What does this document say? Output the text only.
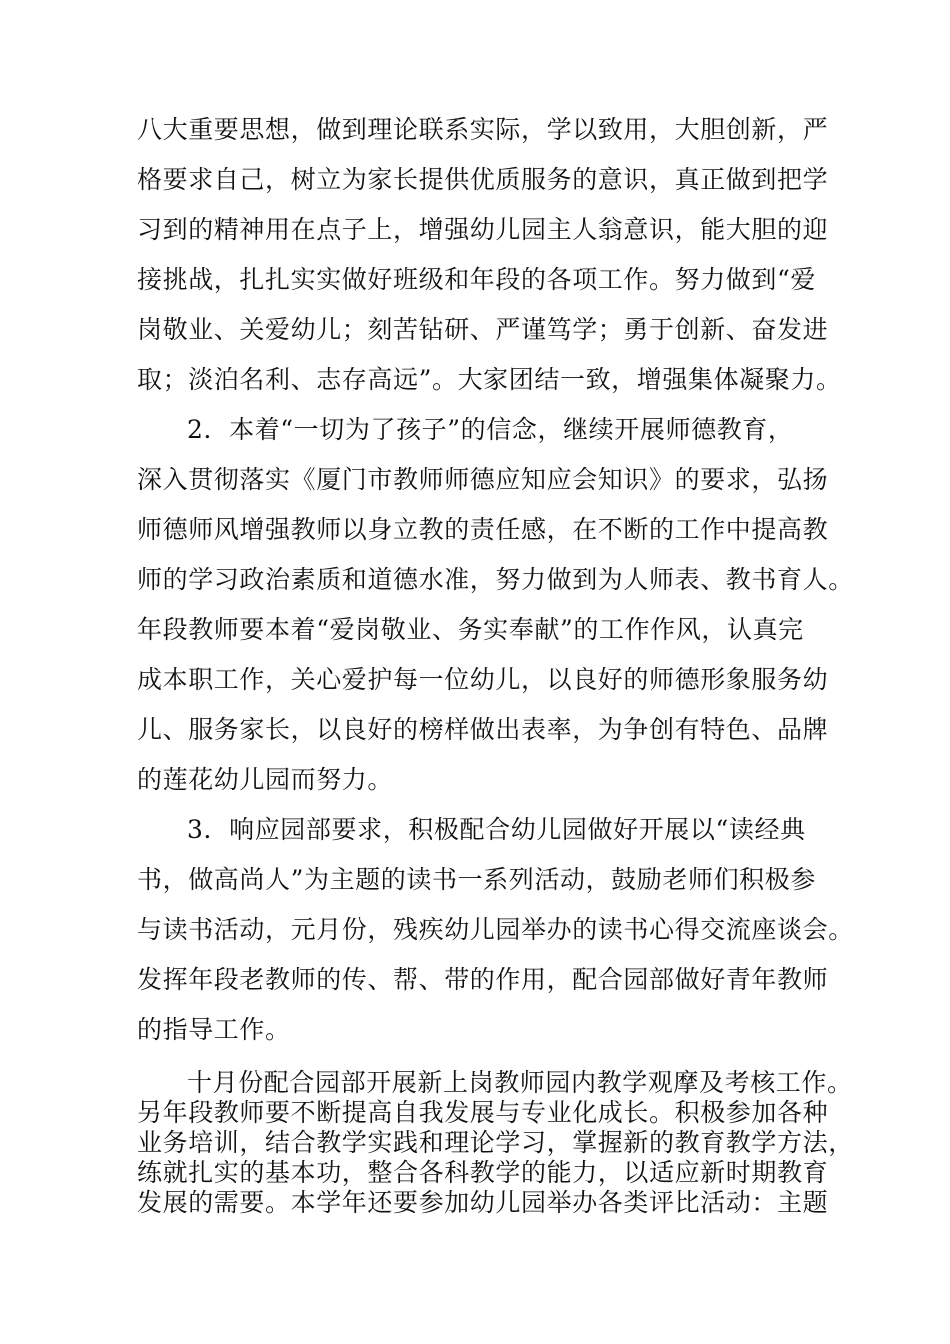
八大重要思想，做到理论联系实际，学以致用，大胆创新，严
格要求自己，树立为家长提供优质服务的意识，真正做到把学
习到的精神用在点子上，增强幼儿园主人翁意识，能大胆的迎
接挑战，扎扎实实做好班级和年段的各项工作。努力做到“爱
岗敬业、关爱幼儿；刻苦钻研、严谨笃学；勇于创新、奋发进
取；淡泊名利、志存高远”。大家团结一致，增强集体凝聚力。
2．本着“一切为了孩子”的信念，继续开展师德教育，
深入贯彻落实《厦门市教师师德应知应会知识》的要求，弘扬
师德师风增强教师以身立教的责任感，在不断的工作中提高教
师的学习政治素质和道德水准，努力做到为人师表、教书育人。
年段教师要本着“爱岗敬业、务实奉献”的工作作风，认真完
成本职工作，关心爱护每一位幼儿，以良好的师德形象服务幼
儿、服务家长，以良好的榜样做出表率，为争创有特色、品牌
的莲花幼儿园而努力。
3．响应园部要求，积极配合幼儿园做好开展以“读经典
书，做高尚人”为主题的读书一系列活动，鼓励老师们积极参
与读书活动，元月份，残疾幼儿园举办的读书心得交流座谈会。
发挥年段老教师的传、帮、带的作用，配合园部做好青年教师
的指导工作。
十月份配合园部开展新上岗教师园内教学观摩及考核工作。
另年段教师要不断提高自我发展与专业化成长。积极参加各种
业务培训，结合教学实践和理论学习，掌握新的教育教学方法，
练就扎实的基本功，整合各科教学的能力，以适应新时期教育
发展的需要。本学年还要参加幼儿园举办各类评比活动：主题
